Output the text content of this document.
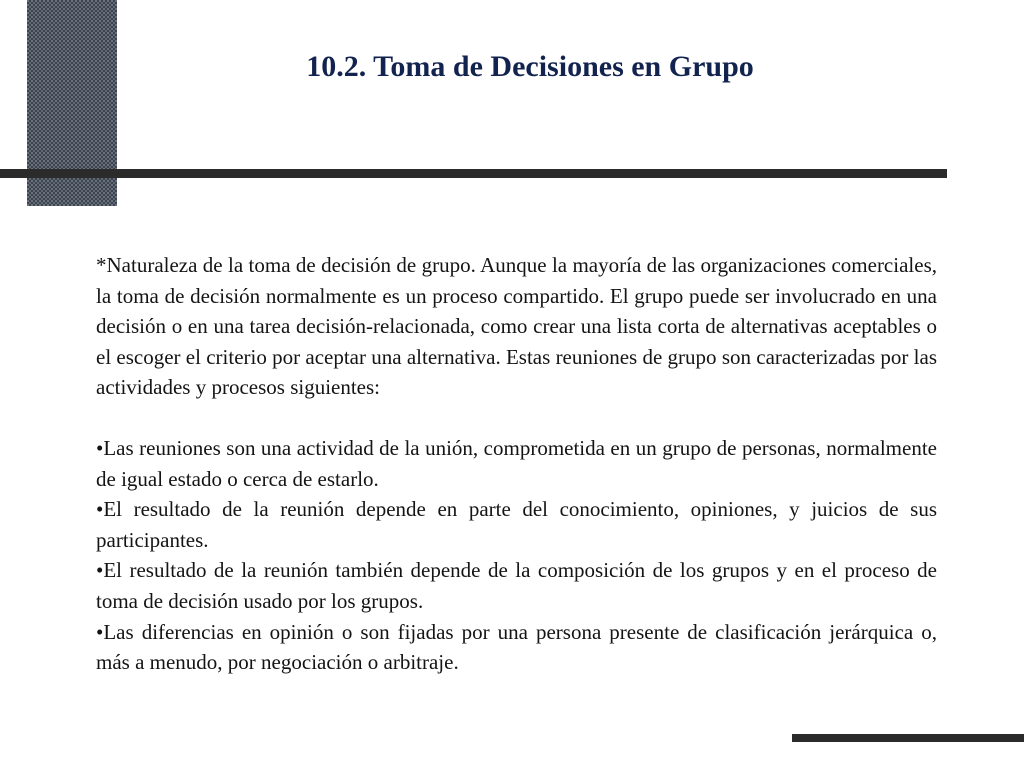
10.2. Toma de Decisiones en Grupo

*Naturaleza de la toma de decisión de grupo. Aunque la mayoría de las organizaciones comerciales, la toma de decisión normalmente es un proceso compartido. El grupo puede ser involucrado en una decisión o en una tarea decisión-relacionada, como crear una lista corta de alternativas aceptables o el escoger el criterio por aceptar una alternativa. Estas reuniones de grupo son caracterizadas por las actividades y procesos siguientes:

•Las reuniones son una actividad de la unión, comprometida en un grupo de personas, normalmente de igual estado o cerca de estarlo.

•El resultado de la reunión depende en parte del conocimiento, opiniones, y juicios de sus participantes.

•El resultado de la reunión también depende de la composición de los grupos y en el proceso de toma de decisión usado por los grupos.

•Las diferencias en opinión o son fijadas por una persona presente de clasificación jerárquica o, más a menudo, por negociación o arbitraje.
